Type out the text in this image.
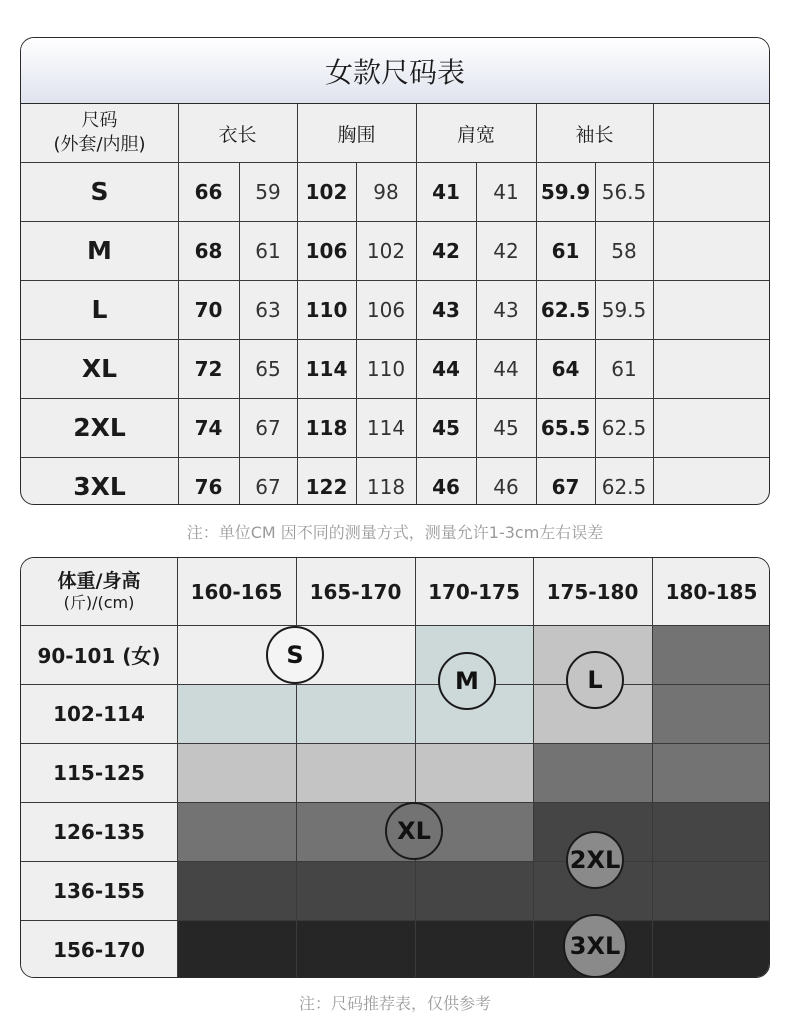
女款尺码表
尺码
(外套/内胆)	衣长	胸围	肩宽	袖长
S	66	59	102	98	41	41	59.9 56.5
M	68	61	106 102	42	42	61	58
L	70	63	110 106	43	43	62.5 59.5
XL	72	65	114 110	44	44	64	61
2XL	74	67	118 114	45	45	65.5 62.5
3XL	76	67	122 118	46	46	67	62.5
注：单位CM 因不同的测量方式，测量允许1-3cm左右误差
体重/身高
(斤)/(cm)	160-165	165-170	170-175	175-180	180-185
90-101 (女)
102-114
115-125
126-135
136-155
156-170
S
M	L
XL
2XL
3XL
注：尺码推荐表，仅供参考
